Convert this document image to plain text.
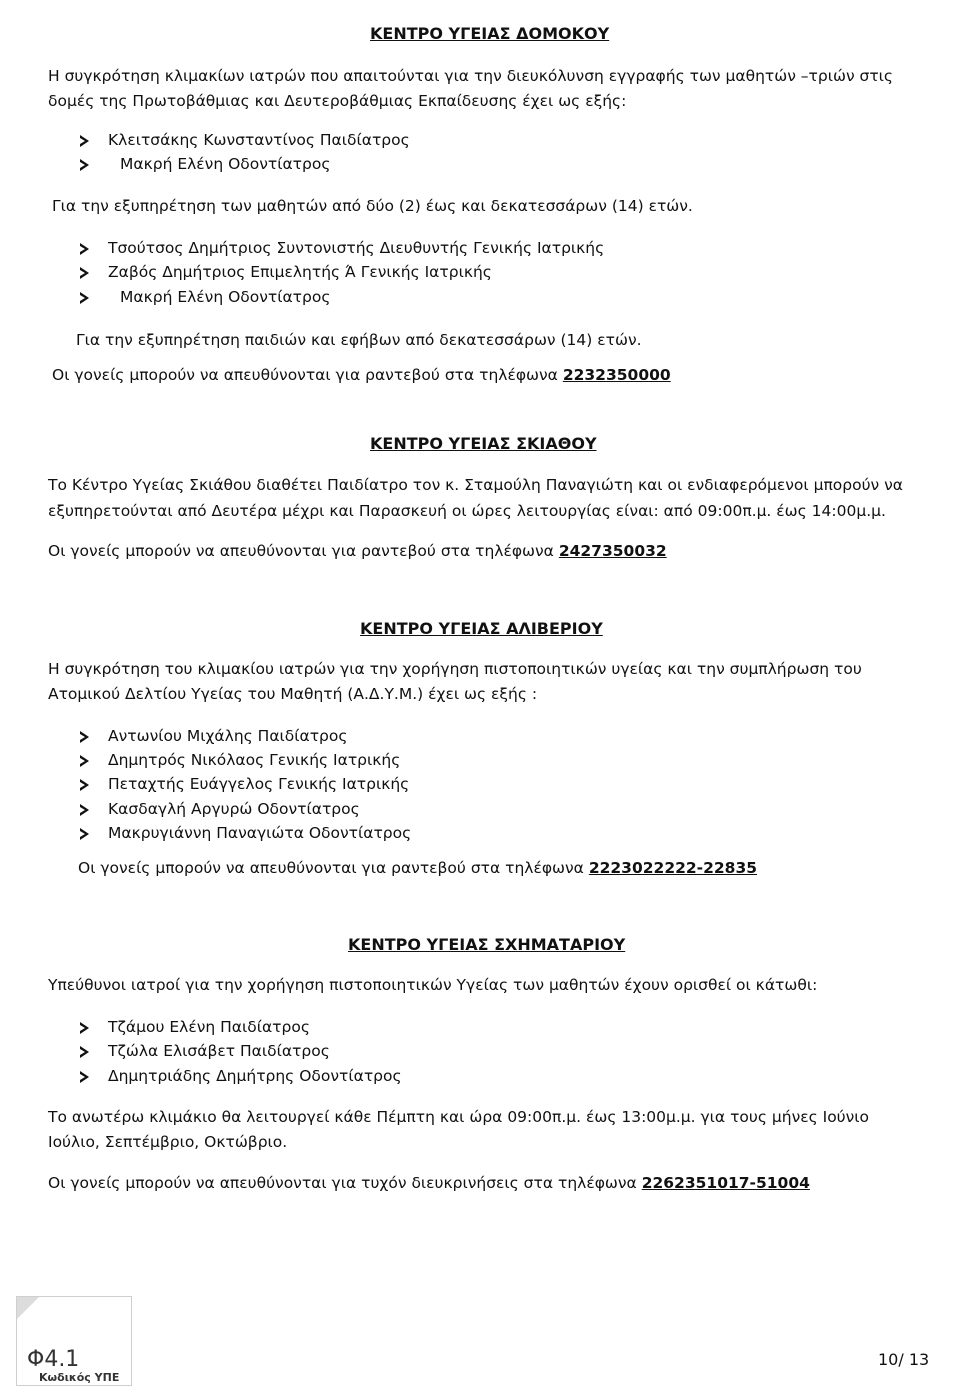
ΚΕΝΤΡΟ ΥΓΕΙΑΣ ΔΟΜΟΚΟΥ
Η συγκρότηση κλιμακίων ιατρών που απαιτούνται για την διευκόλυνση εγγραφής των μαθητών –τριών στις
δομές της Πρωτοβάθμιας και Δευτεροβάθμιας Εκπαίδευσης έχει ως εξής:
Κλειτσάκης Κωνσταντίνος Παιδίατρος
Μακρή Ελένη Οδοντίατρος
Για την εξυπηρέτηση των μαθητών από δύο (2) έως και δεκατεσσάρων (14) ετών.
Τσούτσος Δημήτριος Συντονιστής Διευθυντής Γενικής Ιατρικής
Ζαβός Δημήτριος Επιμελητής Ά Γενικής Ιατρικής
Μακρή Ελένη Οδοντίατρος
Για την εξυπηρέτηση παιδιών και εφήβων από δεκατεσσάρων (14) ετών.
Οι γονείς μπορούν να απευθύνονται για ραντεβού στα τηλέφωνα 2232350000
ΚΕΝΤΡΟ ΥΓΕΙΑΣ ΣΚΙΑΘΟΥ
Το Κέντρο Υγείας Σκιάθου διαθέτει Παιδίατρο τον κ. Σταμούλη Παναγιώτη και οι ενδιαφερόμενοι μπορούν να
εξυπηρετούνται από Δευτέρα μέχρι και Παρασκευή οι ώρες λειτουργίας είναι: από 09:00π.μ. έως 14:00μ.μ.
Οι γονείς μπορούν να απευθύνονται για ραντεβού στα τηλέφωνα 2427350032
ΚΕΝΤΡΟ ΥΓΕΙΑΣ ΑΛΙΒΕΡΙΟΥ
Η συγκρότηση του κλιμακίου ιατρών για την χορήγηση πιστοποιητικών υγείας και την συμπλήρωση του
Ατομικού Δελτίου Υγείας του Μαθητή (Α.Δ.Υ.Μ.) έχει ως εξής :
Αντωνίου Μιχάλης Παιδίατρος
Δημητρός Νικόλαος Γενικής Ιατρικής
Πεταχτής Ευάγγελος Γενικής Ιατρικής
Κασδαγλή Αργυρώ Οδοντίατρος
Μακρυγιάννη Παναγιώτα Οδοντίατρος
Οι γονείς μπορούν να απευθύνονται για ραντεβού στα τηλέφωνα 2223022222-22835
ΚΕΝΤΡΟ ΥΓΕΙΑΣ ΣΧΗΜΑΤΑΡΙΟΥ
Υπεύθυνοι ιατροί για την χορήγηση πιστοποιητικών Υγείας των μαθητών έχουν ορισθεί οι κάτωθι:
Τζάμου Ελένη Παιδίατρος
Τζώλα Ελισάβετ Παιδίατρος
Δημητριάδης Δημήτρης Οδοντίατρος
Το ανωτέρω κλιμάκιο θα λειτουργεί κάθε Πέμπτη και ώρα 09:00π.μ. έως 13:00μ.μ. για τους μήνες Ιούνιο
Ιούλιο, Σεπτέμβριο, Οκτώβριο.
Οι γονείς μπορούν να απευθύνονται για τυχόν διευκρινήσεις στα τηλέφωνα 2262351017-51004
Φ4.1
Κωδικός ΥΠΕ
10/ 13
